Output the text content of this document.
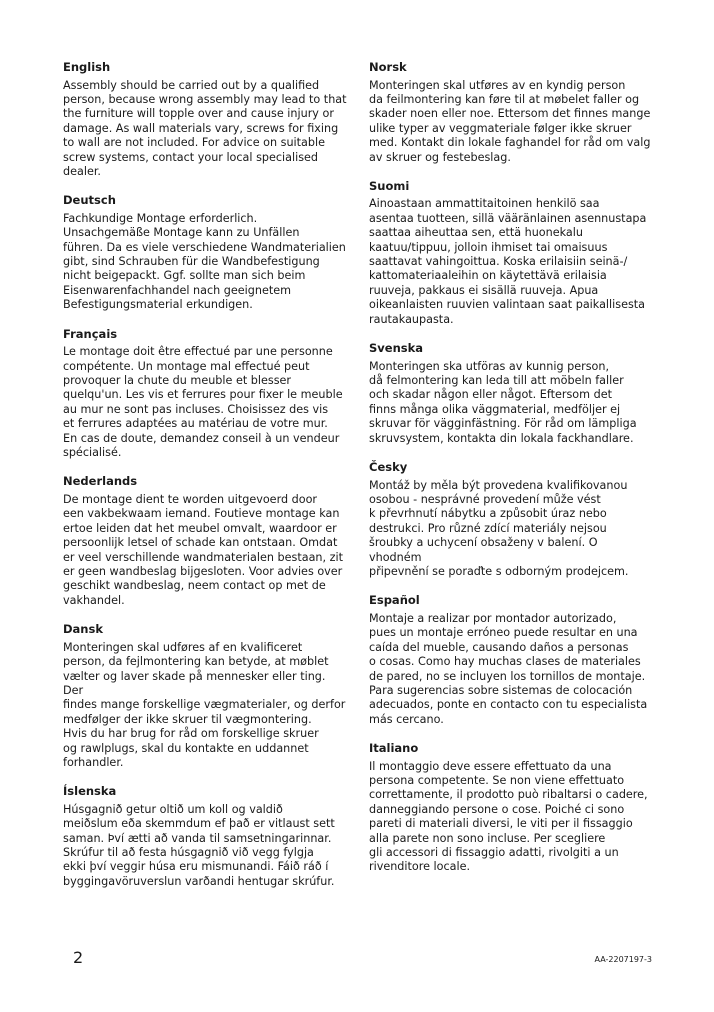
English

Assembly should be carried out by a qualified
person, because wrong assembly may lead to that
the furniture will topple over and cause injury or
damage. As wall materials vary, screws for fixing
to wall are not included. For advice on suitable
screw systems, contact your local specialised
dealer.

Deutsch

Fachkundige Montage erforderlich.
Unsachgemäße Montage kann zu Unfällen
führen. Da es viele verschiedene Wandmaterialien
gibt, sind Schrauben für die Wandbefestigung
nicht beigepackt. Ggf. sollte man sich beim
Eisenwarenfachhandel nach geeignetem
Befestigungsmaterial erkundigen.

Français

Le montage doit être effectué par une personne
compétente. Un montage mal effectué peut
provoquer la chute du meuble et blesser
quelqu'un. Les vis et ferrures pour fixer le meuble
au mur ne sont pas incluses. Choisissez des vis
et ferrures adaptées au matériau de votre mur.
En cas de doute, demandez conseil à un vendeur
spécialisé.

Nederlands

De montage dient te worden uitgevoerd door
een vakbekwaam iemand. Foutieve montage kan
ertoe leiden dat het meubel omvalt, waardoor er
persoonlijk letsel of schade kan ontstaan. Omdat
er veel verschillende wandmaterialen bestaan, zit
er geen wandbeslag bijgesloten. Voor advies over
geschikt wandbeslag, neem contact op met de
vakhandel.

Dansk

Monteringen skal udføres af en kvalificeret
person, da fejlmontering kan betyde, at møblet
vælter og laver skade på mennesker eller ting. Der
findes mange forskellige vægmaterialer, og derfor
medfølger der ikke skruer til vægmontering.
Hvis du har brug for råd om forskellige skruer
og rawlplugs, skal du kontakte en uddannet
forhandler.

Íslenska

Húsgagnið getur oltið um koll og valdið
meiðslum eða skemmdum ef það er vitlaust sett
saman. Því ætti að vanda til samsetningarinnar.
Skrúfur til að festa húsgagnið við vegg fylgja
ekki því veggir húsa eru mismunandi. Fáið ráð í
byggingavöruverslun varðandi hentugar skrúfur.

Norsk

Monteringen skal utføres av en kyndig person
da feilmontering kan føre til at møbelet faller og
skader noen eller noe. Ettersom det finnes mange
ulike typer av veggmateriale følger ikke skruer
med. Kontakt din lokale faghandel for råd om valg
av skruer og festebeslag.

Suomi

Ainoastaan ammattitaitoinen henkilö saa
asentaa tuotteen, sillä vääränlainen asennustapa
saattaa aiheuttaa sen, että huonekalu
kaatuu/tippuu, jolloin ihmiset tai omaisuus
saattavat vahingoittua. Koska erilaisiin seinä-/
kattomateriaaleihin on käytettävä erilaisia
ruuveja, pakkaus ei sisällä ruuveja. Apua
oikeanlaisten ruuvien valintaan saat paikallisesta
rautakaupasta.

Svenska

Monteringen ska utföras av kunnig person,
då felmontering kan leda till att möbeln faller
och skadar någon eller något. Eftersom det
finns många olika väggmaterial, medföljer ej
skruvar för vägginfästning. För råd om lämpliga
skruvsystem, kontakta din lokala fackhandlare.

Česky

Montáž by měla být provedena kvalifikovanou
osobou - nesprávné provedení může vést
k převrhnutí nábytku a způsobit úraz nebo
destrukci. Pro různé zdící materiály nejsou
šroubky a uchycení obsaženy v balení. O vhodném
připevnění se poraďte s odborným prodejcem.

Español

Montaje a realizar por montador autorizado,
pues un montaje erróneo puede resultar en una
caída del mueble, causando daños a personas
o cosas. Como hay muchas clases de materiales
de pared, no se incluyen los tornillos de montaje.
Para sugerencias sobre sistemas de colocación
adecuados, ponte en contacto con tu especialista
más cercano.

Italiano

Il montaggio deve essere effettuato da una
persona competente. Se non viene effettuato
correttamente, il prodotto può ribaltarsi o cadere,
danneggiando persone o cose. Poiché ci sono
pareti di materiali diversi, le viti per il fissaggio
alla parete non sono incluse. Per scegliere
gli accessori di fissaggio adatti, rivolgiti a un
rivenditore locale.

2	AA-2207197-3
